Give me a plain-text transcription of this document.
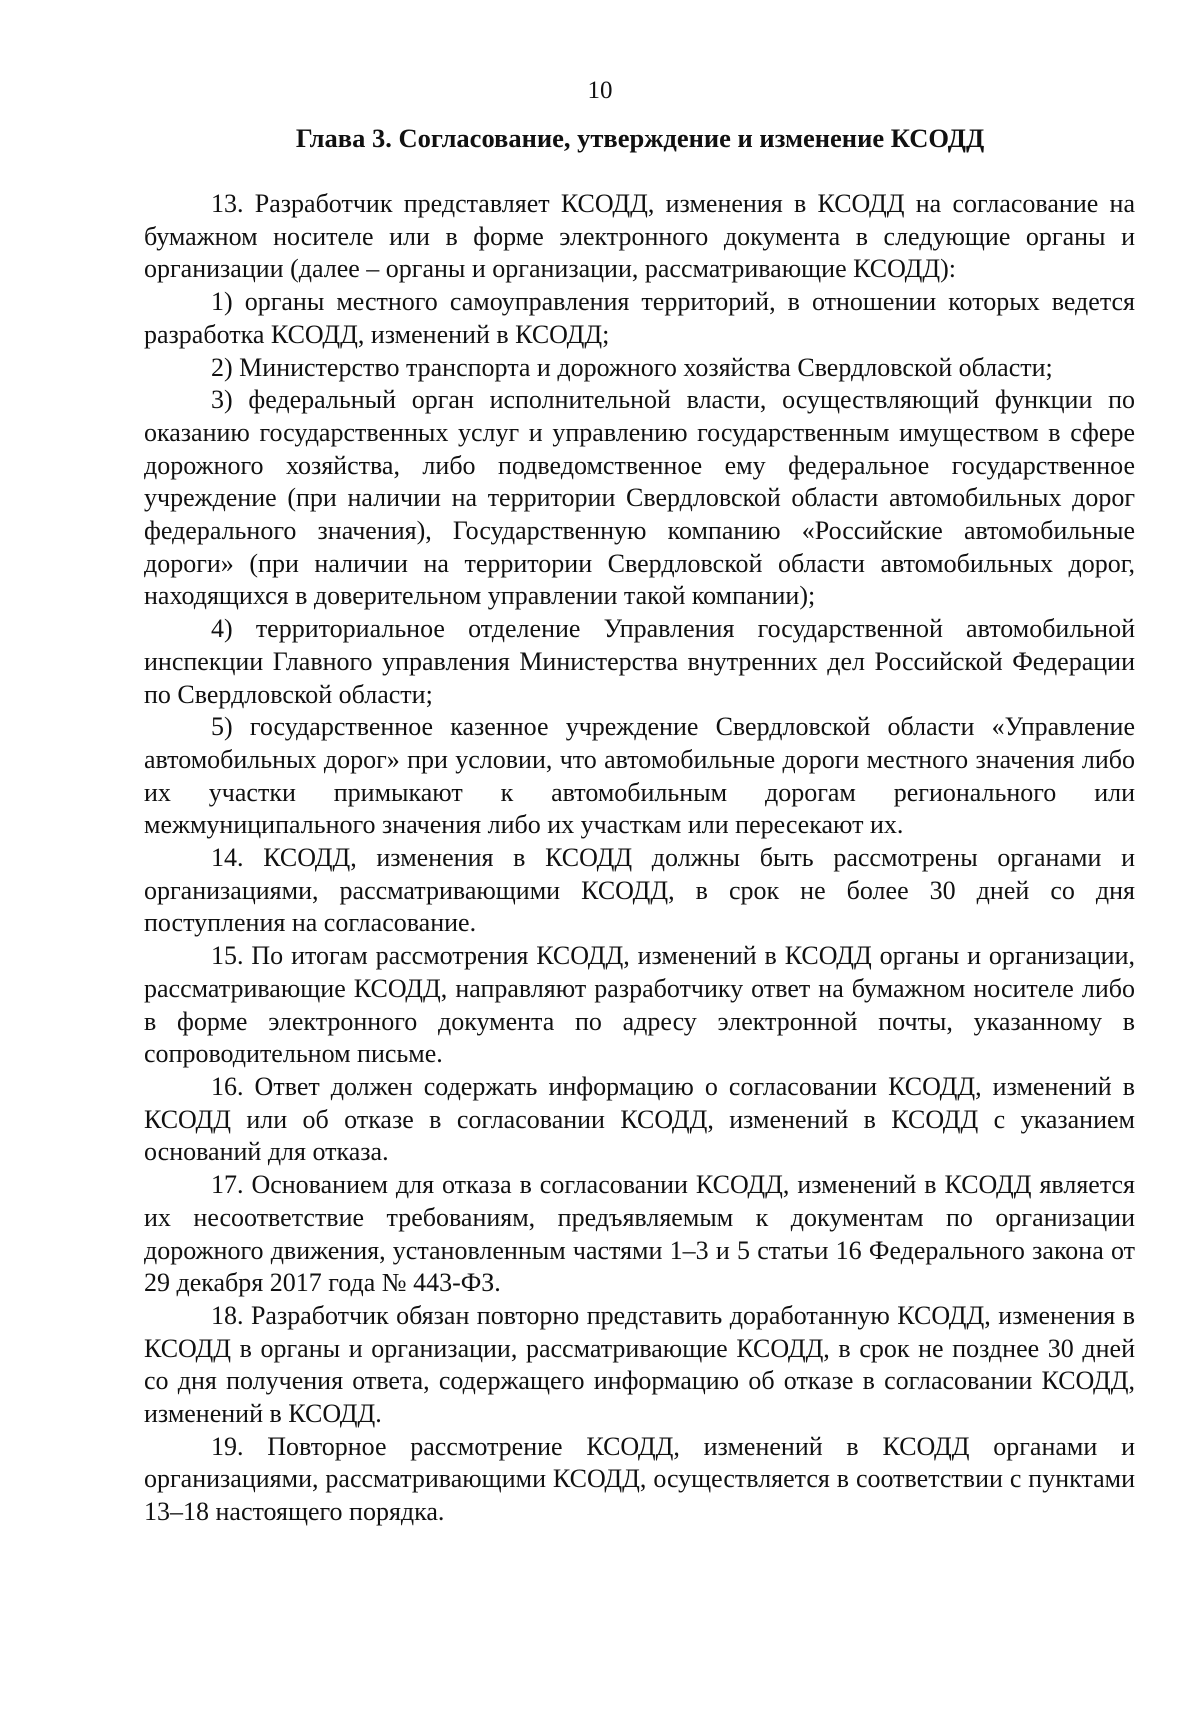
10
Глава 3. Согласование, утверждение и изменение КСОДД

13. Разработчик представляет КСОДД, изменения в КСОДД на согласование на бумажном носителе или в форме электронного документа в следующие органы и организации (далее – органы и организации, рассматривающие КСОДД):

1) органы местного самоуправления территорий, в отношении которых ведется разработка КСОДД, изменений в КСОДД;

2) Министерство транспорта и дорожного хозяйства Свердловской области;

3) федеральный орган исполнительной власти, осуществляющий функции по оказанию государственных услуг и управлению государственным имуществом в сфере дорожного хозяйства, либо подведомственное ему федеральное государственное учреждение (при наличии на территории Свердловской области автомобильных дорог федерального значения), Государственную компанию «Российские автомобильные дороги» (при наличии на территории Свердловской области автомобильных дорог, находящихся в доверительном управлении такой компании);

4) территориальное отделение Управления государственной автомобильной инспекции Главного управления Министерства внутренних дел Российской Федерации по Свердловской области;

5) государственное казенное учреждение Свердловской области «Управление автомобильных дорог» при условии, что автомобильные дороги местного значения либо их участки примыкают к автомобильным дорогам регионального или межмуниципального значения либо их участкам или пересекают их.

14. КСОДД, изменения в КСОДД должны быть рассмотрены органами и организациями, рассматривающими КСОДД, в срок не более 30 дней со дня поступления на согласование.

15. По итогам рассмотрения КСОДД, изменений в КСОДД органы и организации, рассматривающие КСОДД, направляют разработчику ответ на бумажном носителе либо в форме электронного документа по адресу электронной почты, указанному в сопроводительном письме.

16. Ответ должен содержать информацию о согласовании КСОДД, изменений в КСОДД или об отказе в согласовании КСОДД, изменений в КСОДД с указанием оснований для отказа.

17. Основанием для отказа в согласовании КСОДД, изменений в КСОДД является их несоответствие требованиям, предъявляемым к документам по организации дорожного движения, установленным частями 1–3 и 5 статьи 16 Федерального закона от 29 декабря 2017 года № 443-ФЗ.

18. Разработчик обязан повторно представить доработанную КСОДД, изменения в КСОДД в органы и организации, рассматривающие КСОДД, в срок не позднее 30 дней со дня получения ответа, содержащего информацию об отказе в согласовании КСОДД, изменений в КСОДД.

19. Повторное рассмотрение КСОДД, изменений в КСОДД органами и организациями, рассматривающими КСОДД, осуществляется в соответствии с пунктами 13–18 настоящего порядка.
